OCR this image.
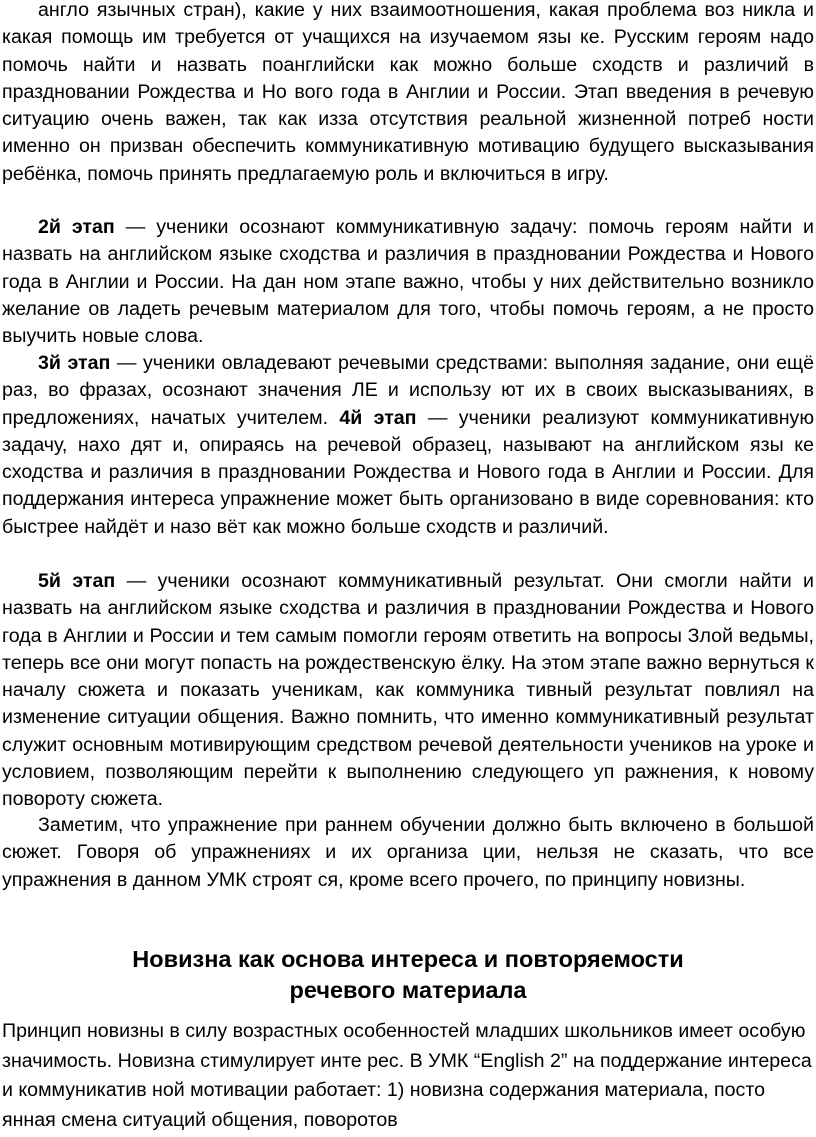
англо язычных стран), какие у них взаимоотношения, какая проблема воз никла и какая помощь им требуется от учащихся на изучаемом язы ке. Русским героям надо помочь найти и назвать поанглийски как можно больше сходств и различий в праздновании Рождества и Но вого года в Англии и России. Этап введения в речевую ситуацию очень важен, так как изза отсутствия реальной жизненной потреб ности именно он призван обеспечить коммуникативную мотивацию будущего высказывания ребёнка, помочь принять предлагаемую роль и включиться в игру.

2й этап — ученики осознают коммуникативную задачу: помочь героям найти и назвать на английском языке сходства и различия в праздновании Рождества и Нового года в Англии и России. На дан ном этапе важно, чтобы у них действительно возникло желание ов ладеть речевым материалом для того, чтобы помочь героям, а не просто выучить новые слова.

3й этап — ученики овладевают речевыми средствами: выполняя задание, они ещё раз, во фразах, осознают значения ЛЕ и использу ют их в своих высказываниях, в предложениях, начатых учителем. 4й этап — ученики реализуют коммуникативную задачу, нахо дят и, опираясь на речевой образец, называют на английском язы ке сходства и различия в праздновании Рождества и Нового года в Англии и России. Для поддержания интереса упражнение может быть организовано в виде соревнования: кто быстрее найдёт и назо вёт как можно больше сходств и различий.

5й этап — ученики осознают коммуникативный результат. Они смогли найти и назвать на английском языке сходства и различия в праздновании Рождества и Нового года в Англии и России и тем самым помогли героям ответить на вопросы Злой ведьмы, теперь все они могут попасть на рождественскую ёлку. На этом этапе важно вернуться к началу сюжета и показать ученикам, как коммуника тивный результат повлиял на изменение ситуации общения. Важно помнить, что именно коммуникативный результат служит основным мотивирующим средством речевой деятельности учеников на уроке и условием, позволяющим перейти к выполнению следующего уп ражнения, к новому повороту сюжета.

Заметим, что упражнение при раннем обучении должно быть включено в большой сюжет. Говоря об упражнениях и их организа ции, нельзя не сказать, что все упражнения в данном УМК строят ся, кроме всего прочего, по принципу новизны.

Новизна как основа интереса и повторяемости
речевого материала

Принцип новизны в силу возрастных особенностей младших школьников имеет особую значимость. Новизна стимулирует инте рес. В УМК “English 2” на поддержание интереса и коммуникатив ной мотивации работает: 1) новизна содержания материала, посто янная смена ситуаций общения, поворотов
